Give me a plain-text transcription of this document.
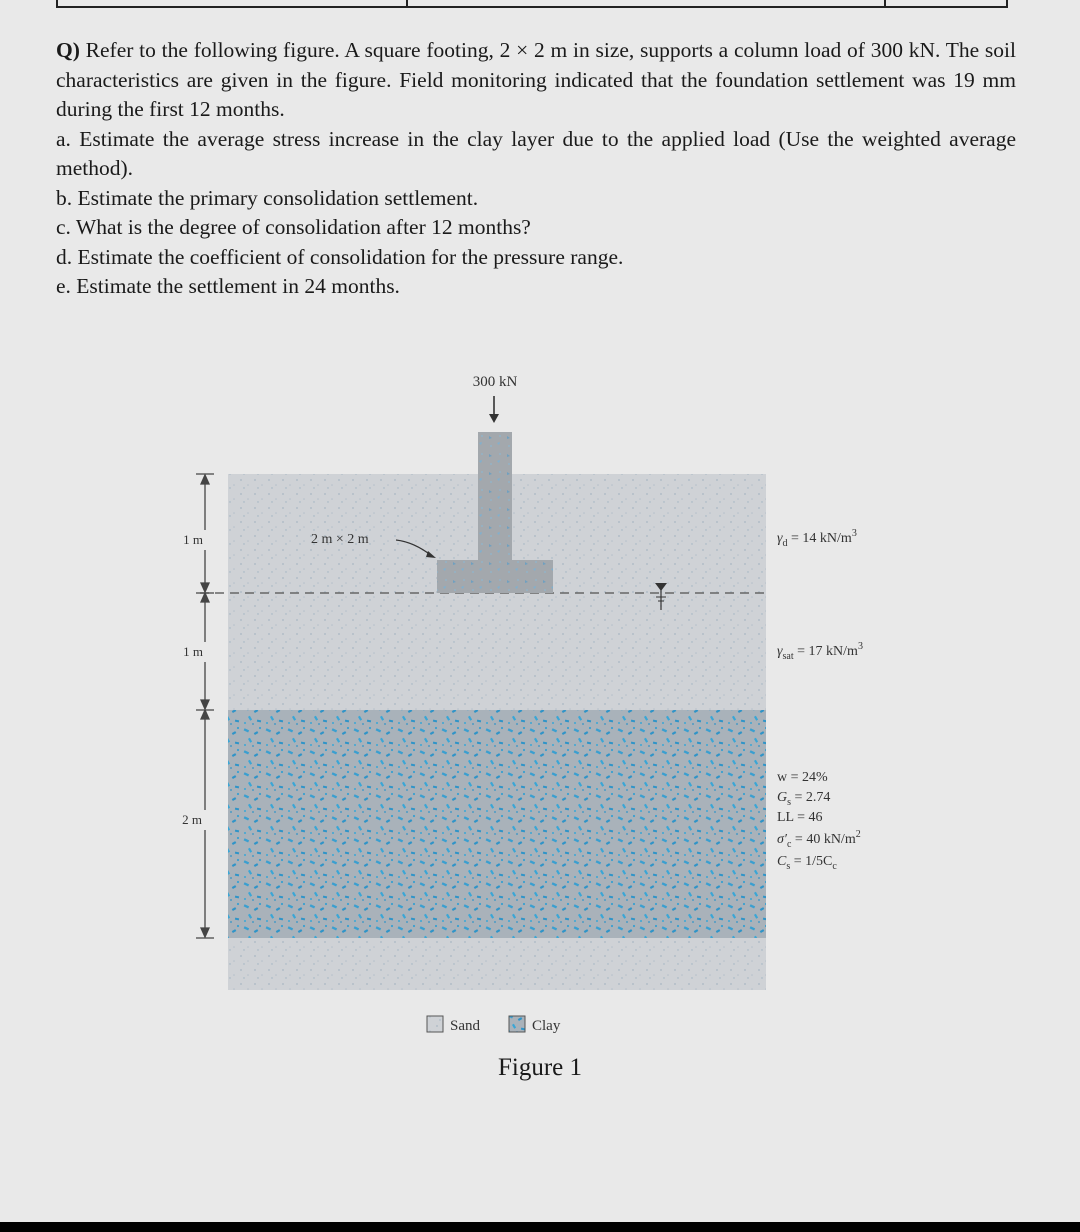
Q) Refer to the following figure. A square footing, 2 × 2 m in size, supports a column load of 300 kN. The soil characteristics are given in the figure. Field monitoring indicated that the foundation settlement was 19 mm during the first 12 months.

a. Estimate the average stress increase in the clay layer due to the applied load (Use the weighted average method).

b. Estimate the primary consolidation settlement.

c. What is the degree of consolidation after 12 months?

d. Estimate the coefficient of consolidation for the pressure range.

e. Estimate the settlement in 24 months.

300 kN
2 m × 2 m
1 m
1 m
2 m
$\gamma_d = 14$ $kN/m^3$
$\gamma_{sat} = 17$ $kN/m^3$
w = 24%
$G_s = 2.74$
LL = 46
$\sigma'_c = 40$ $kN/m^2$
$C_s = 1/5C_c$
Sand	Clay
Figure 1
